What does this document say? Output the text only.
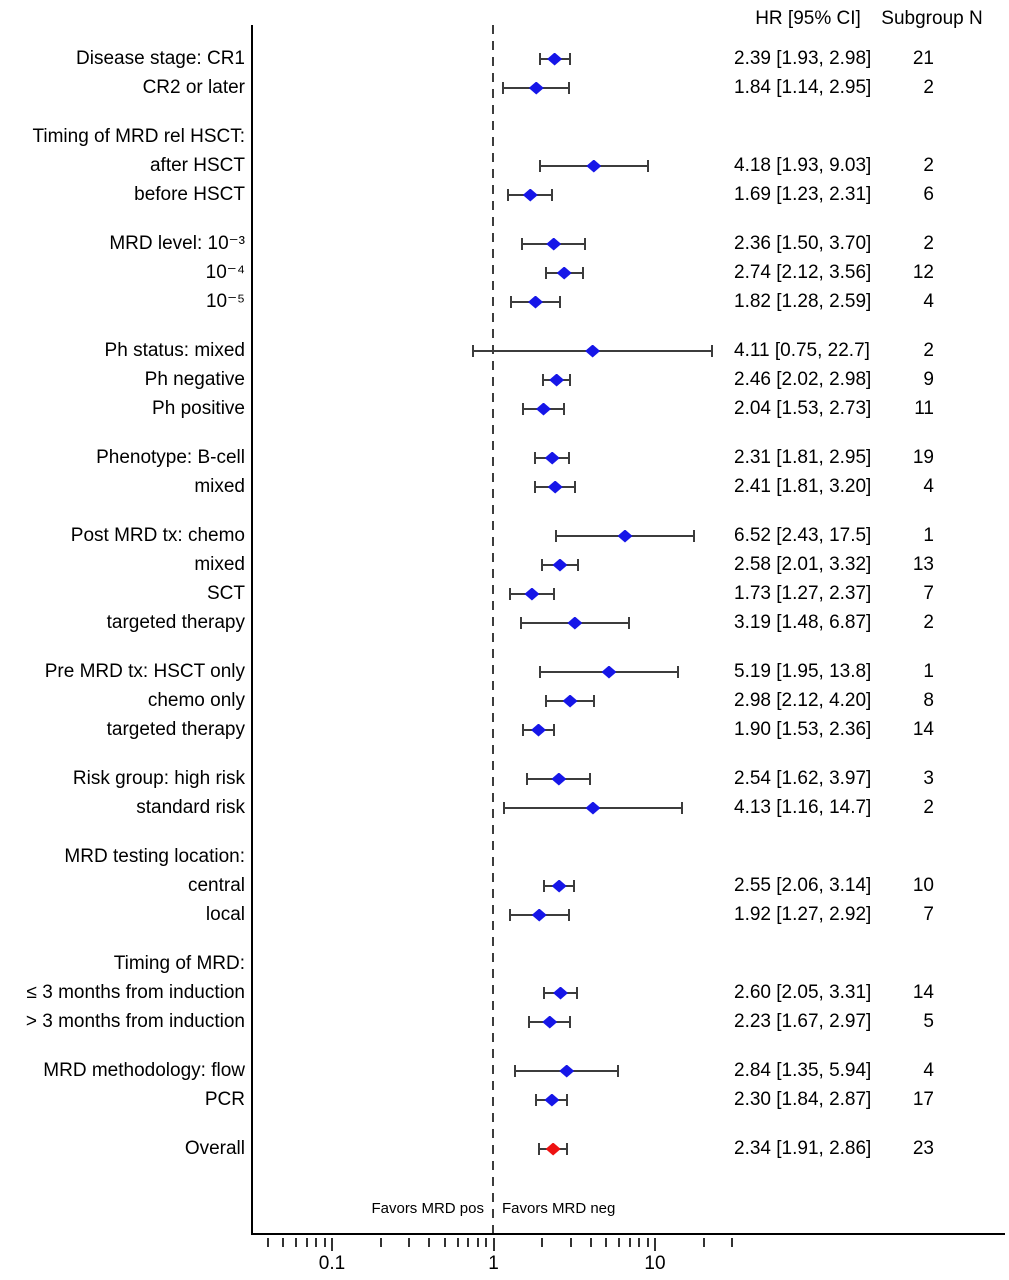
HR [95% CI]	Subgroup N
Favors MRD pos Favors MRD neg
Disease stage: CR1	2.39 [1.93, 2.98]	21
CR2 or later	1.84 [1.14, 2.95]	2
Timing of MRD rel HSCT:
after HSCT	4.18 [1.93, 9.03]	2
before HSCT	1.69 [1.23, 2.31]	6
MRD level: 10⁻³	2.36 [1.50, 3.70]	2
10⁻⁴	2.74 [2.12, 3.56]	12
10⁻⁵	1.82 [1.28, 2.59]	4
Ph status: mixed	4.11 [0.75, 22.7]	2
Ph negative	2.46 [2.02, 2.98]	9
Ph positive	2.04 [1.53, 2.73]	11
Phenotype: B-cell	2.31 [1.81, 2.95]	19
mixed	2.41 [1.81, 3.20]	4
Post MRD tx: chemo	6.52 [2.43, 17.5]	1
mixed	2.58 [2.01, 3.32]	13
SCT	1.73 [1.27, 2.37]	7
targeted therapy	3.19 [1.48, 6.87]	2
Pre MRD tx: HSCT only	5.19 [1.95, 13.8]	1
chemo only	2.98 [2.12, 4.20]	8
targeted therapy	1.90 [1.53, 2.36]	14
Risk group: high risk	2.54 [1.62, 3.97]	3
standard risk	4.13 [1.16, 14.7]	2
MRD testing location:
central	2.55 [2.06, 3.14]	10
local	1.92 [1.27, 2.92]	7
Timing of MRD:
≤ 3 months from induction	2.60 [2.05, 3.31]	14
> 3 months from induction	2.23 [1.67, 2.97]	5
MRD methodology: flow	2.84 [1.35, 5.94]	4
PCR	2.30 [1.84, 2.87]	17
Overall	2.34 [1.91, 2.86]	23
0.1	1	10
